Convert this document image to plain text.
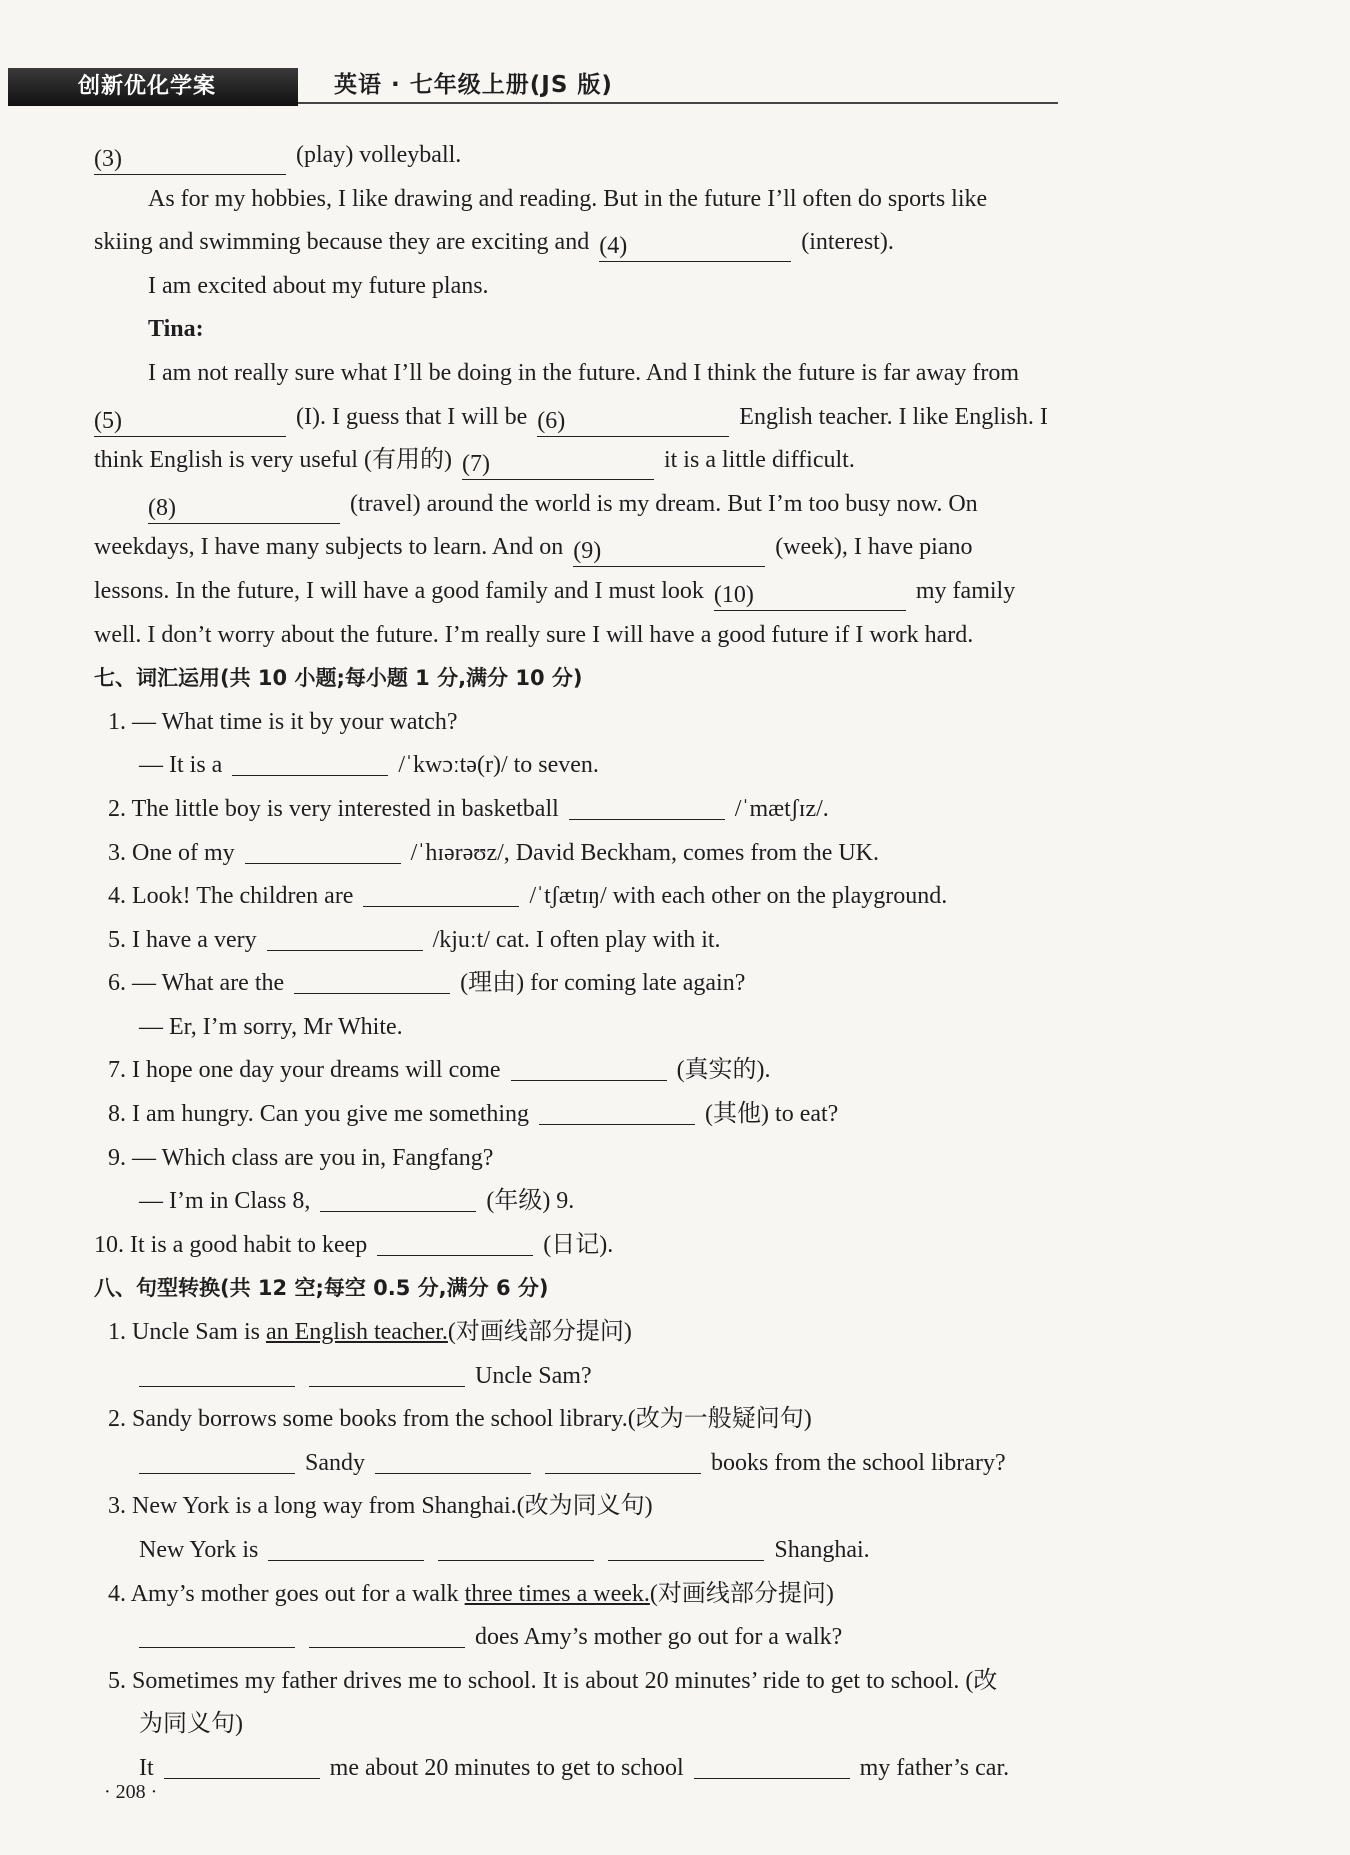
创新优化学案	英语 · 七年级上册(JS 版)
(3)	(play) volleyball.
As for my hobbies, I like drawing and reading. But in the future I’ll often do sports like
skiing and swimming because they are exciting and (4)	(interest).
I am excited about my future plans.
Tina:
I am not really sure what I’ll be doing in the future. And I think the future is far away from
(5)	(I). I guess that I will be (6)	English teacher. I like English. I
think English is very useful (有用的) (7)	it is a little difficult.
(8)	(travel) around the world is my dream. But I’m too busy now. On
weekdays, I have many subjects to learn. And on (9)	(week), I have piano
lessons. In the future, I will have a good family and I must look (10)	my family
well. I don’t worry about the future. I’m really sure I will have a good future if I work hard.
七、词汇运用(共 10 小题;每小题 1 分,满分 10 分)
1. — What time is it by your watch?
— It is a	/ˈkwɔːtə(r)/ to seven.
2. The little boy is very interested in basketball	/ˈmætʃɪz/.
3. One of my	/ˈhɪərəʊz/, David Beckham, comes from the UK.
4. Look! The children are	/ˈtʃætɪŋ/ with each other on the playground.
5. I have a very	/kjuːt/ cat. I often play with it.
6. — What are the	(理由) for coming late again?
— Er, I’m sorry, Mr White.
7. I hope one day your dreams will come	(真实的).
8. I am hungry. Can you give me something	(其他) to eat?
9. — Which class are you in, Fangfang?
— I’m in Class 8,	(年级) 9.
10. It is a good habit to keep	(日记).
八、句型转换(共 12 空;每空 0.5 分,满分 6 分)
1. Uncle Sam is an English teacher.(对画线部分提问)
Uncle Sam?
2. Sandy borrows some books from the school library.(改为一般疑问句)
Sandy	books from the school library?
3. New York is a long way from Shanghai.(改为同义句)
New York is	Shanghai.
4. Amy’s mother goes out for a walk three times a week.(对画线部分提问)
does Amy’s mother go out for a walk?
5. Sometimes my father drives me to school. It is about 20 minutes’ ride to get to school. (改
为同义句)
It	me about 20 minutes to get to school	my father’s car.
· 208 ·
